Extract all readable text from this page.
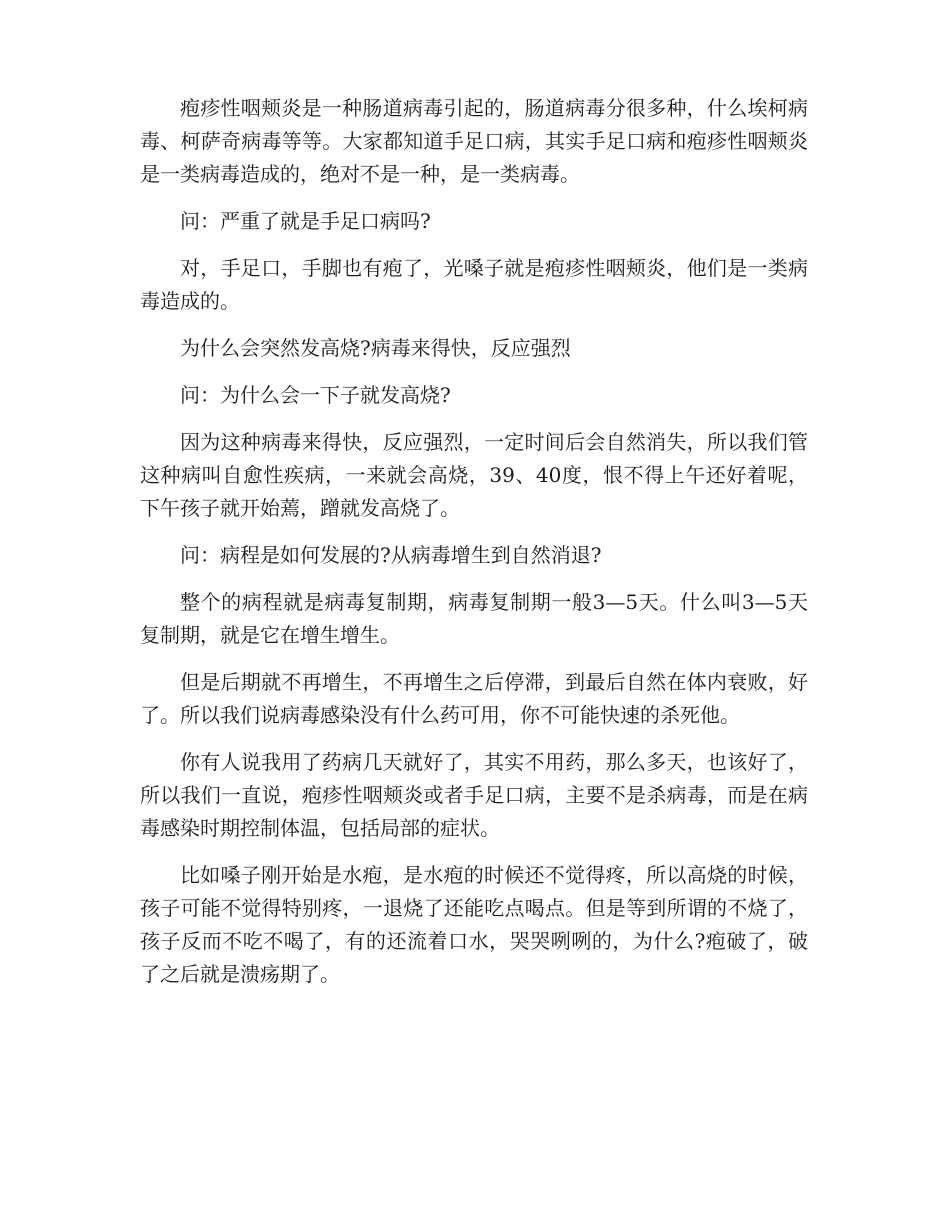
疱疹性咽颊炎是一种肠道病毒引起的，肠道病毒分很多种，什么埃柯病毒、柯萨奇病毒等等。大家都知道手足口病，其实手足口病和疱疹性咽颊炎是一类病毒造成的，绝对不是一种，是一类病毒。

问：严重了就是手足口病吗?

对，手足口，手脚也有疱了，光嗓子就是疱疹性咽颊炎，他们是一类病毒造成的。

为什么会突然发高烧?病毒来得快，反应强烈

问：为什么会一下子就发高烧?

因为这种病毒来得快，反应强烈，一定时间后会自然消失，所以我们管这种病叫自愈性疾病，一来就会高烧，39、40度，恨不得上午还好着呢，下午孩子就开始蔫，蹭就发高烧了。

问：病程是如何发展的?从病毒增生到自然消退?

整个的病程就是病毒复制期，病毒复制期一般3—5天。什么叫3—5天复制期，就是它在增生增生。

但是后期就不再增生，不再增生之后停滞，到最后自然在体内衰败，好了。所以我们说病毒感染没有什么药可用，你不可能快速的杀死他。

你有人说我用了药病几天就好了，其实不用药，那么多天，也该好了，所以我们一直说，疱疹性咽颊炎或者手足口病，主要不是杀病毒，而是在病毒感染时期控制体温，包括局部的症状。

比如嗓子刚开始是水疱，是水疱的时候还不觉得疼，所以高烧的时候，孩子可能不觉得特别疼，一退烧了还能吃点喝点。但是等到所谓的不烧了，孩子反而不吃不喝了，有的还流着口水，哭哭咧咧的，为什么?疱破了，破了之后就是溃疡期了。
